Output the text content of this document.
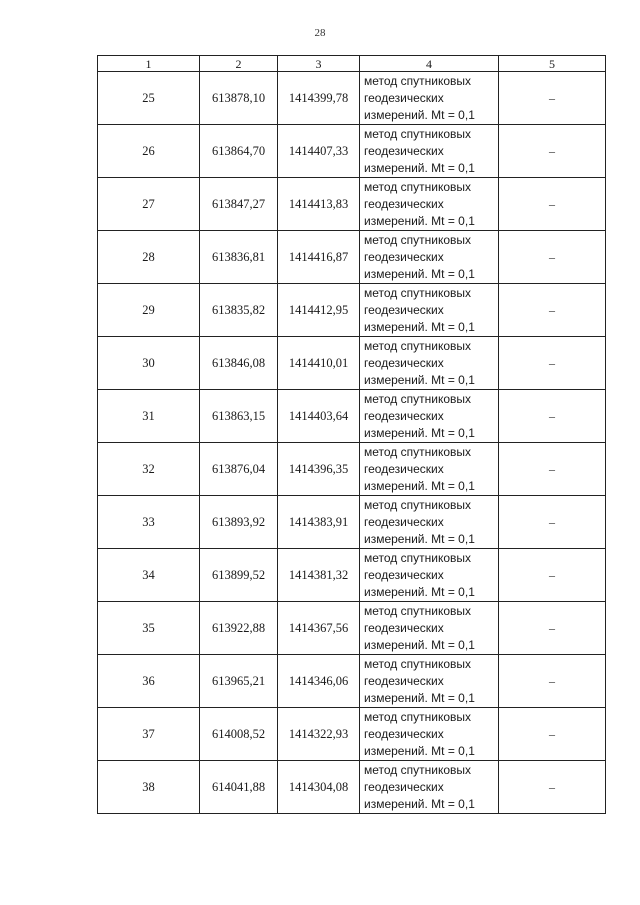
28
1	2	3	4	5
25	613878,10	1414399,78	метод спутниковых
геодезических
измерений. Mt = 0,1	–
26	613864,70	1414407,33	метод спутниковых
геодезических
измерений. Mt = 0,1	–
27	613847,27	1414413,83	метод спутниковых
геодезических
измерений. Mt = 0,1	–
28	613836,81	1414416,87	метод спутниковых
геодезических
измерений. Mt = 0,1	–
29	613835,82	1414412,95	метод спутниковых
геодезических
измерений. Mt = 0,1	–
30	613846,08	1414410,01	метод спутниковых
геодезических
измерений. Mt = 0,1	–
31	613863,15	1414403,64	метод спутниковых
геодезических
измерений. Mt = 0,1	–
32	613876,04	1414396,35	метод спутниковых
геодезических
измерений. Mt = 0,1	–
33	613893,92	1414383,91	метод спутниковых
геодезических
измерений. Mt = 0,1	–
34	613899,52	1414381,32	метод спутниковых
геодезических
измерений. Mt = 0,1	–
35	613922,88	1414367,56	метод спутниковых
геодезических
измерений. Mt = 0,1	–
36	613965,21	1414346,06	метод спутниковых
геодезических
измерений. Mt = 0,1	–
37	614008,52	1414322,93	метод спутниковых
геодезических
измерений. Mt = 0,1	–
38	614041,88	1414304,08	метод спутниковых
геодезических
измерений. Mt = 0,1	–
